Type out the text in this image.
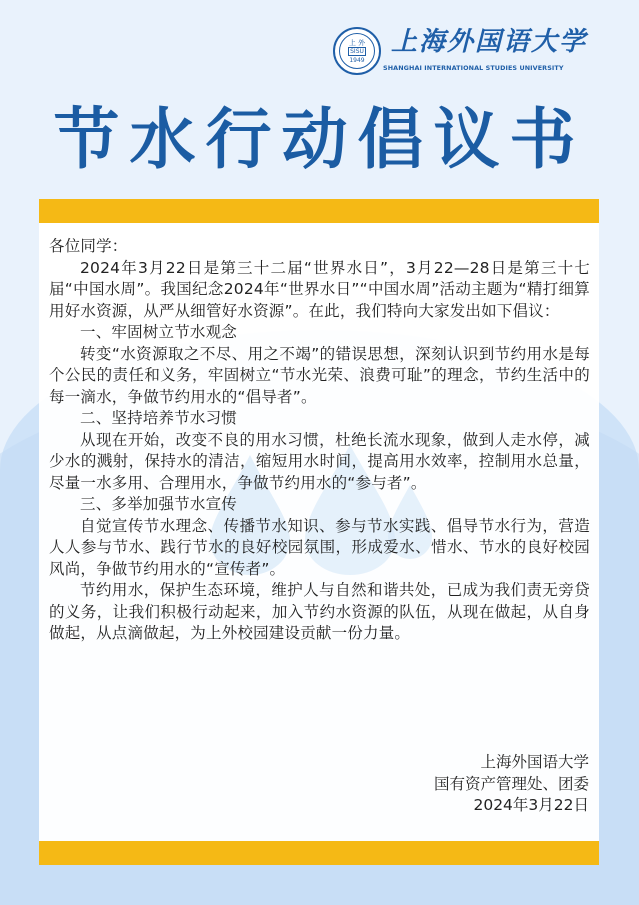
上 外
SISU
1949
上海外国语大学
SHANGHAI INTERNATIONAL STUDIES UNIVERSITY
节水行动倡议书

各位同学：

2024年3月22日是第三十二届“世界水日”，3月22—28日是第三十七届“中国水周”。我国纪念2024年“世界水日”“中国水周”活动主题为“精打细算用好水资源，从严从细管好水资源”。在此，我们特向大家发出如下倡议：

一、牢固树立节水观念

转变“水资源取之不尽、用之不竭”的错误思想，深刻认识到节约用水是每个公民的责任和义务，牢固树立“节水光荣、浪费可耻”的理念，节约生活中的每一滴水，争做节约用水的“倡导者”。

二、坚持培养节水习惯

从现在开始，改变不良的用水习惯，杜绝长流水现象，做到人走水停，减少水的溅射，保持水的清洁，缩短用水时间，提高用水效率，控制用水总量，尽量一水多用、合理用水，争做节约用水的“参与者”。

三、多举加强节水宣传

自觉宣传节水理念、传播节水知识、参与节水实践、倡导节水行为，营造人人参与节水、践行节水的良好校园氛围，形成爱水、惜水、节水的良好校园风尚，争做节约用水的“宣传者”。

节约用水，保护生态环境，维护人与自然和谐共处，已成为我们责无旁贷的义务，让我们积极行动起来，加入节约水资源的队伍，从现在做起，从自身做起，从点滴做起，为上外校园建设贡献一份力量。

上海外国语大学
国有资产管理处、团委
2024年3月22日
